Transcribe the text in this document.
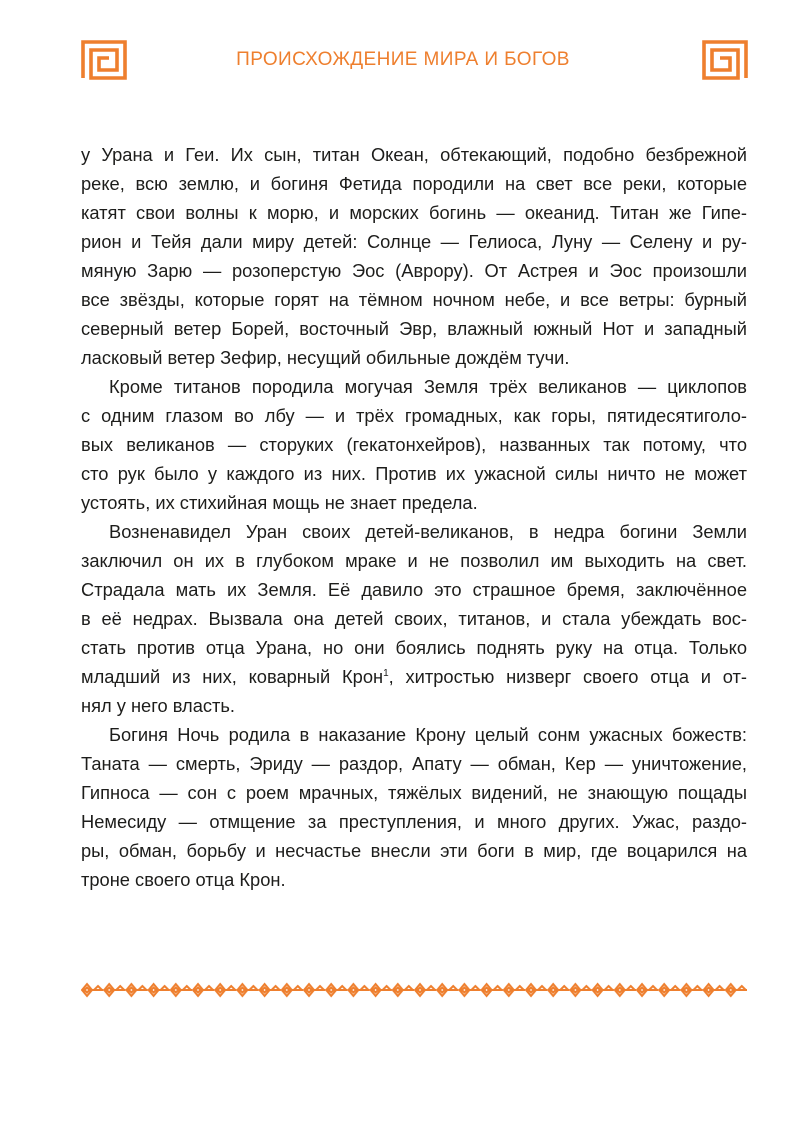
ПРОИСХОЖДЕНИЕ МИРА И БОГОВ

у Урана и Геи. Их сын, титан Океан, обтекающий, подобно безбрежной
реке, всю землю, и богиня Фетида породили на свет все реки, которые
катят свои волны к морю, и морских богинь — океанид. Титан же Гипе-
рион и Тейя дали миру детей: Солнце — Гелиоса, Луну — Селену и ру-
мяную Зарю — розоперстую Эос (Аврору). От Астрея и Эос произошли
все звёзды, которые горят на тёмном ночном небе, и все ветры: бурный
северный ветер Борей, восточный Эвр, влажный южный Нот и западный
ласковый ветер Зефир, несущий обильные дождём тучи.

Кроме титанов породила могучая Земля трёх великанов — циклопов
с одним глазом во лбу — и трёх громадных, как горы, пятидесятиголо-
вых великанов — сторуких (гекатонхейров), названных так потому, что
сто рук было у каждого из них. Против их ужасной силы ничто не может
устоять, их стихийная мощь не знает предела.

Возненавидел Уран своих детей-великанов, в недра богини Земли
заключил он их в глубоком мраке и не позволил им выходить на свет.
Страдала мать их Земля. Её давило это страшное бремя, заключённое
в её недрах. Вызвала она детей своих, титанов, и стала убеждать вос-
стать против отца Урана, но они боялись поднять руку на отца. Только
младший из них, коварный Крон$^1$, хитростью низверг своего отца и от-
нял у него власть.

Богиня Ночь родила в наказание Крону целый сонм ужасных божеств:
Таната — смерть, Эриду — раздор, Апату — обман, Кер — уничтожение,
Гипноса — сон с роем мрачных, тяжёлых видений, не знающую пощады
Немесиду — отмщение за преступления, и много других. Ужас, раздо-
ры, обман, борьбу и несчастье внесли эти боги в мир, где воцарился на
троне своего отца Крон.
